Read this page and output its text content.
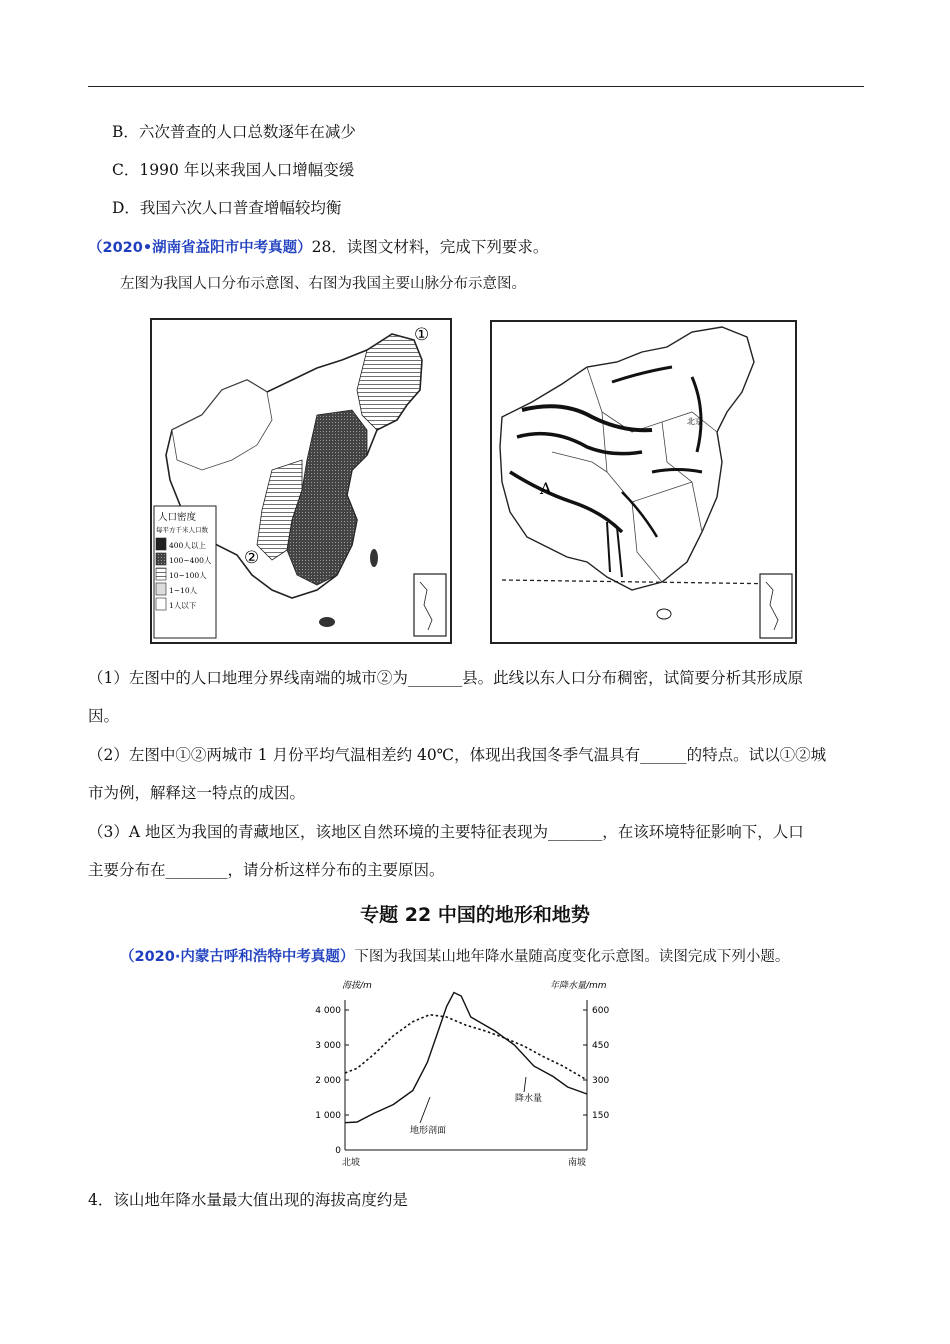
B．六次普查的人口总数逐年在减少
C．1990 年以来我国人口增幅变缓
D．我国六次人口普查增幅较均衡
（2020•湖南省益阳市中考真题）28．读图文材料，完成下列要求。
左图为我国人口分布示意图、右图为我国主要山脉分布示意图。
①
②
人口密度
每平方千米人口数
400人以上
100~400人
10~100人
1~10人
1人以下
A
北京
（1）左图中的人口地理分界线南端的城市②为_______县。此线以东人口分布稠密，试简要分析其形成原
因。
（2）左图中①②两城市 1 月份平均气温相差约 40℃，体现出我国冬季气温具有______的特点。试以①②城
市为例，解释这一特点的成因。
（3）A 地区为我国的青藏地区，该地区自然环境的主要特征表现为_______，在该环境特征影响下，人口
主要分布在________，请分析这样分布的主要原因。
专题 22 中国的地形和地势
（2020·内蒙古呼和浩特中考真题）下图为我国某山地年降水量随高度变化示意图。读图完成下列小题。
海拔/m	年降水量/mm
0
1 000
2 000
3 000
4 000
150
300
450
600
北坡	南坡
地形剖面
降水量
4．该山地年降水量最大值出现的海拔高度约是
